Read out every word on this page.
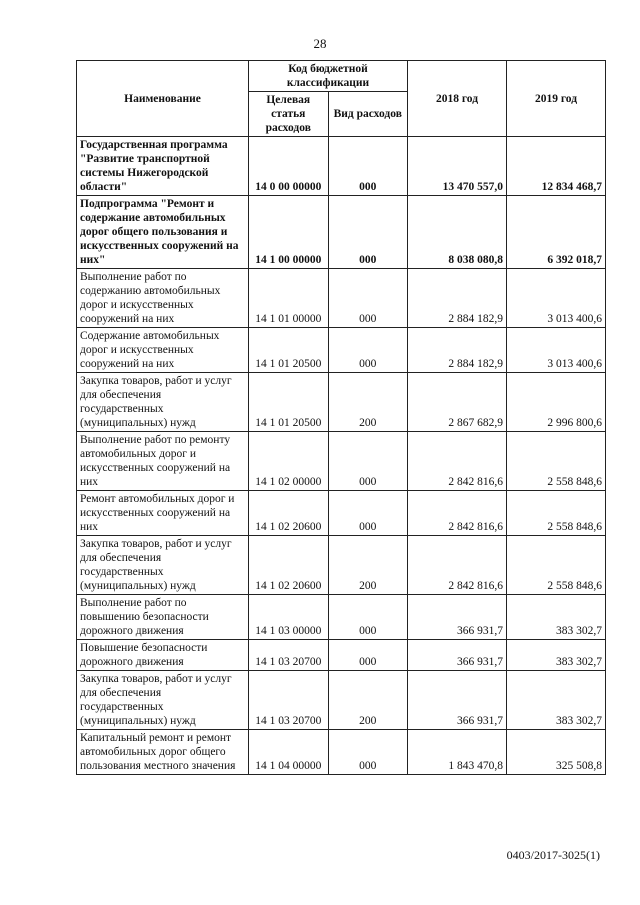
28
Наименование	Код бюджетной классификации		2018 год	2019 год
	Целевая статья расходов	Вид расходов		
Государственная программа "Развитие транспортной системы Нижегородской области"	14 0 00 00000	000	13 470 557,0	12 834 468,7
Подпрограмма "Ремонт и содержание автомобильных дорог общего пользования и искусственных сооружений на них"	14 1 00 00000	000	8 038 080,8	6 392 018,7
Выполнение работ по содержанию автомобильных дорог и искусственных сооружений на них	14 1 01 00000	000	2 884 182,9	3 013 400,6
Содержание автомобильных дорог и искусственных сооружений на них	14 1 01 20500	000	2 884 182,9	3 013 400,6
Закупка товаров, работ и услуг для обеспечения государственных (муниципальных) нужд	14 1 01 20500	200	2 867 682,9	2 996 800,6
Выполнение работ по ремонту автомобильных дорог и искусственных сооружений на них	14 1 02 00000	000	2 842 816,6	2 558 848,6
Ремонт автомобильных дорог и искусственных сооружений на них	14 1 02 20600	000	2 842 816,6	2 558 848,6
Закупка товаров, работ и услуг для обеспечения государственных (муниципальных) нужд	14 1 02 20600	200	2 842 816,6	2 558 848,6
Выполнение работ по повышению безопасности дорожного движения	14 1 03 00000	000	366 931,7	383 302,7
Повышение безопасности дорожного движения	14 1 03 20700	000	366 931,7	383 302,7
Закупка товаров, работ и услуг для обеспечения государственных (муниципальных) нужд	14 1 03 20700	200	366 931,7	383 302,7
Капитальный ремонт и ремонт автомобильных дорог общего пользования местного значения	14 1 04 00000	000	1 843 470,8	325 508,8
0403/2017-3025(1)
